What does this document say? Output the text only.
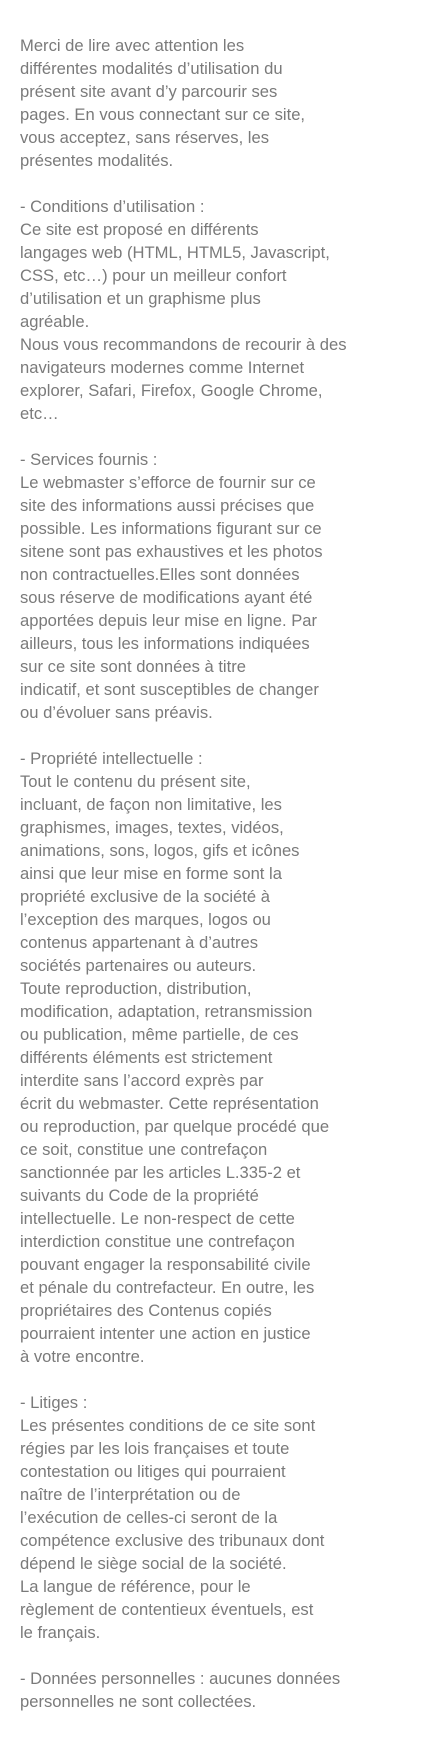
Merci de lire avec attention les
différentes modalités d’utilisation du
présent site avant d’y parcourir ses
pages. En vous connectant sur ce site,
vous acceptez, sans réserves, les
présentes modalités.
- Conditions d’utilisation :
Ce site est proposé en différents
langages web (HTML, HTML5, Javascript,
CSS, etc…) pour un meilleur confort
d’utilisation et un graphisme plus
agréable.
Nous vous recommandons de recourir à des
navigateurs modernes comme Internet
explorer, Safari, Firefox, Google Chrome,
etc…
- Services fournis :
Le webmaster s’efforce de fournir sur ce
site des informations aussi précises que
possible. Les informations figurant sur ce
sitene sont pas exhaustives et les photos
non contractuelles.Elles sont données
sous réserve de modifications ayant été
apportées depuis leur mise en ligne. Par
ailleurs, tous les informations indiquées
sur ce site sont données à titre
indicatif, et sont susceptibles de changer
ou d’évoluer sans préavis.
- Propriété intellectuelle :
Tout le contenu du présent site,
incluant, de façon non limitative, les
graphismes, images, textes, vidéos,
animations, sons, logos, gifs et icônes
ainsi que leur mise en forme sont la
propriété exclusive de la société à
l’exception des marques, logos ou
contenus appartenant à d’autres
sociétés partenaires ou auteurs.
Toute reproduction, distribution,
modification, adaptation, retransmission
ou publication, même partielle, de ces
différents éléments est strictement
interdite sans l’accord exprès par
écrit du webmaster. Cette représentation
ou reproduction, par quelque procédé que
ce soit, constitue une contrefaçon
sanctionnée par les articles L.335-2 et
suivants du Code de la propriété
intellectuelle. Le non-respect de cette
interdiction constitue une contrefaçon
pouvant engager la responsabilité civile
et pénale du contrefacteur. En outre, les
propriétaires des Contenus copiés
pourraient intenter une action en justice
à votre encontre.
- Litiges :
Les présentes conditions de ce site sont
régies par les lois françaises et toute
contestation ou litiges qui pourraient
naître de l’interprétation ou de
l’exécution de celles-ci seront de la
compétence exclusive des tribunaux dont
dépend le siège social de la société.
La langue de référence, pour le
règlement de contentieux éventuels, est
le français.
- Données personnelles : aucunes données
personnelles ne sont collectées.
